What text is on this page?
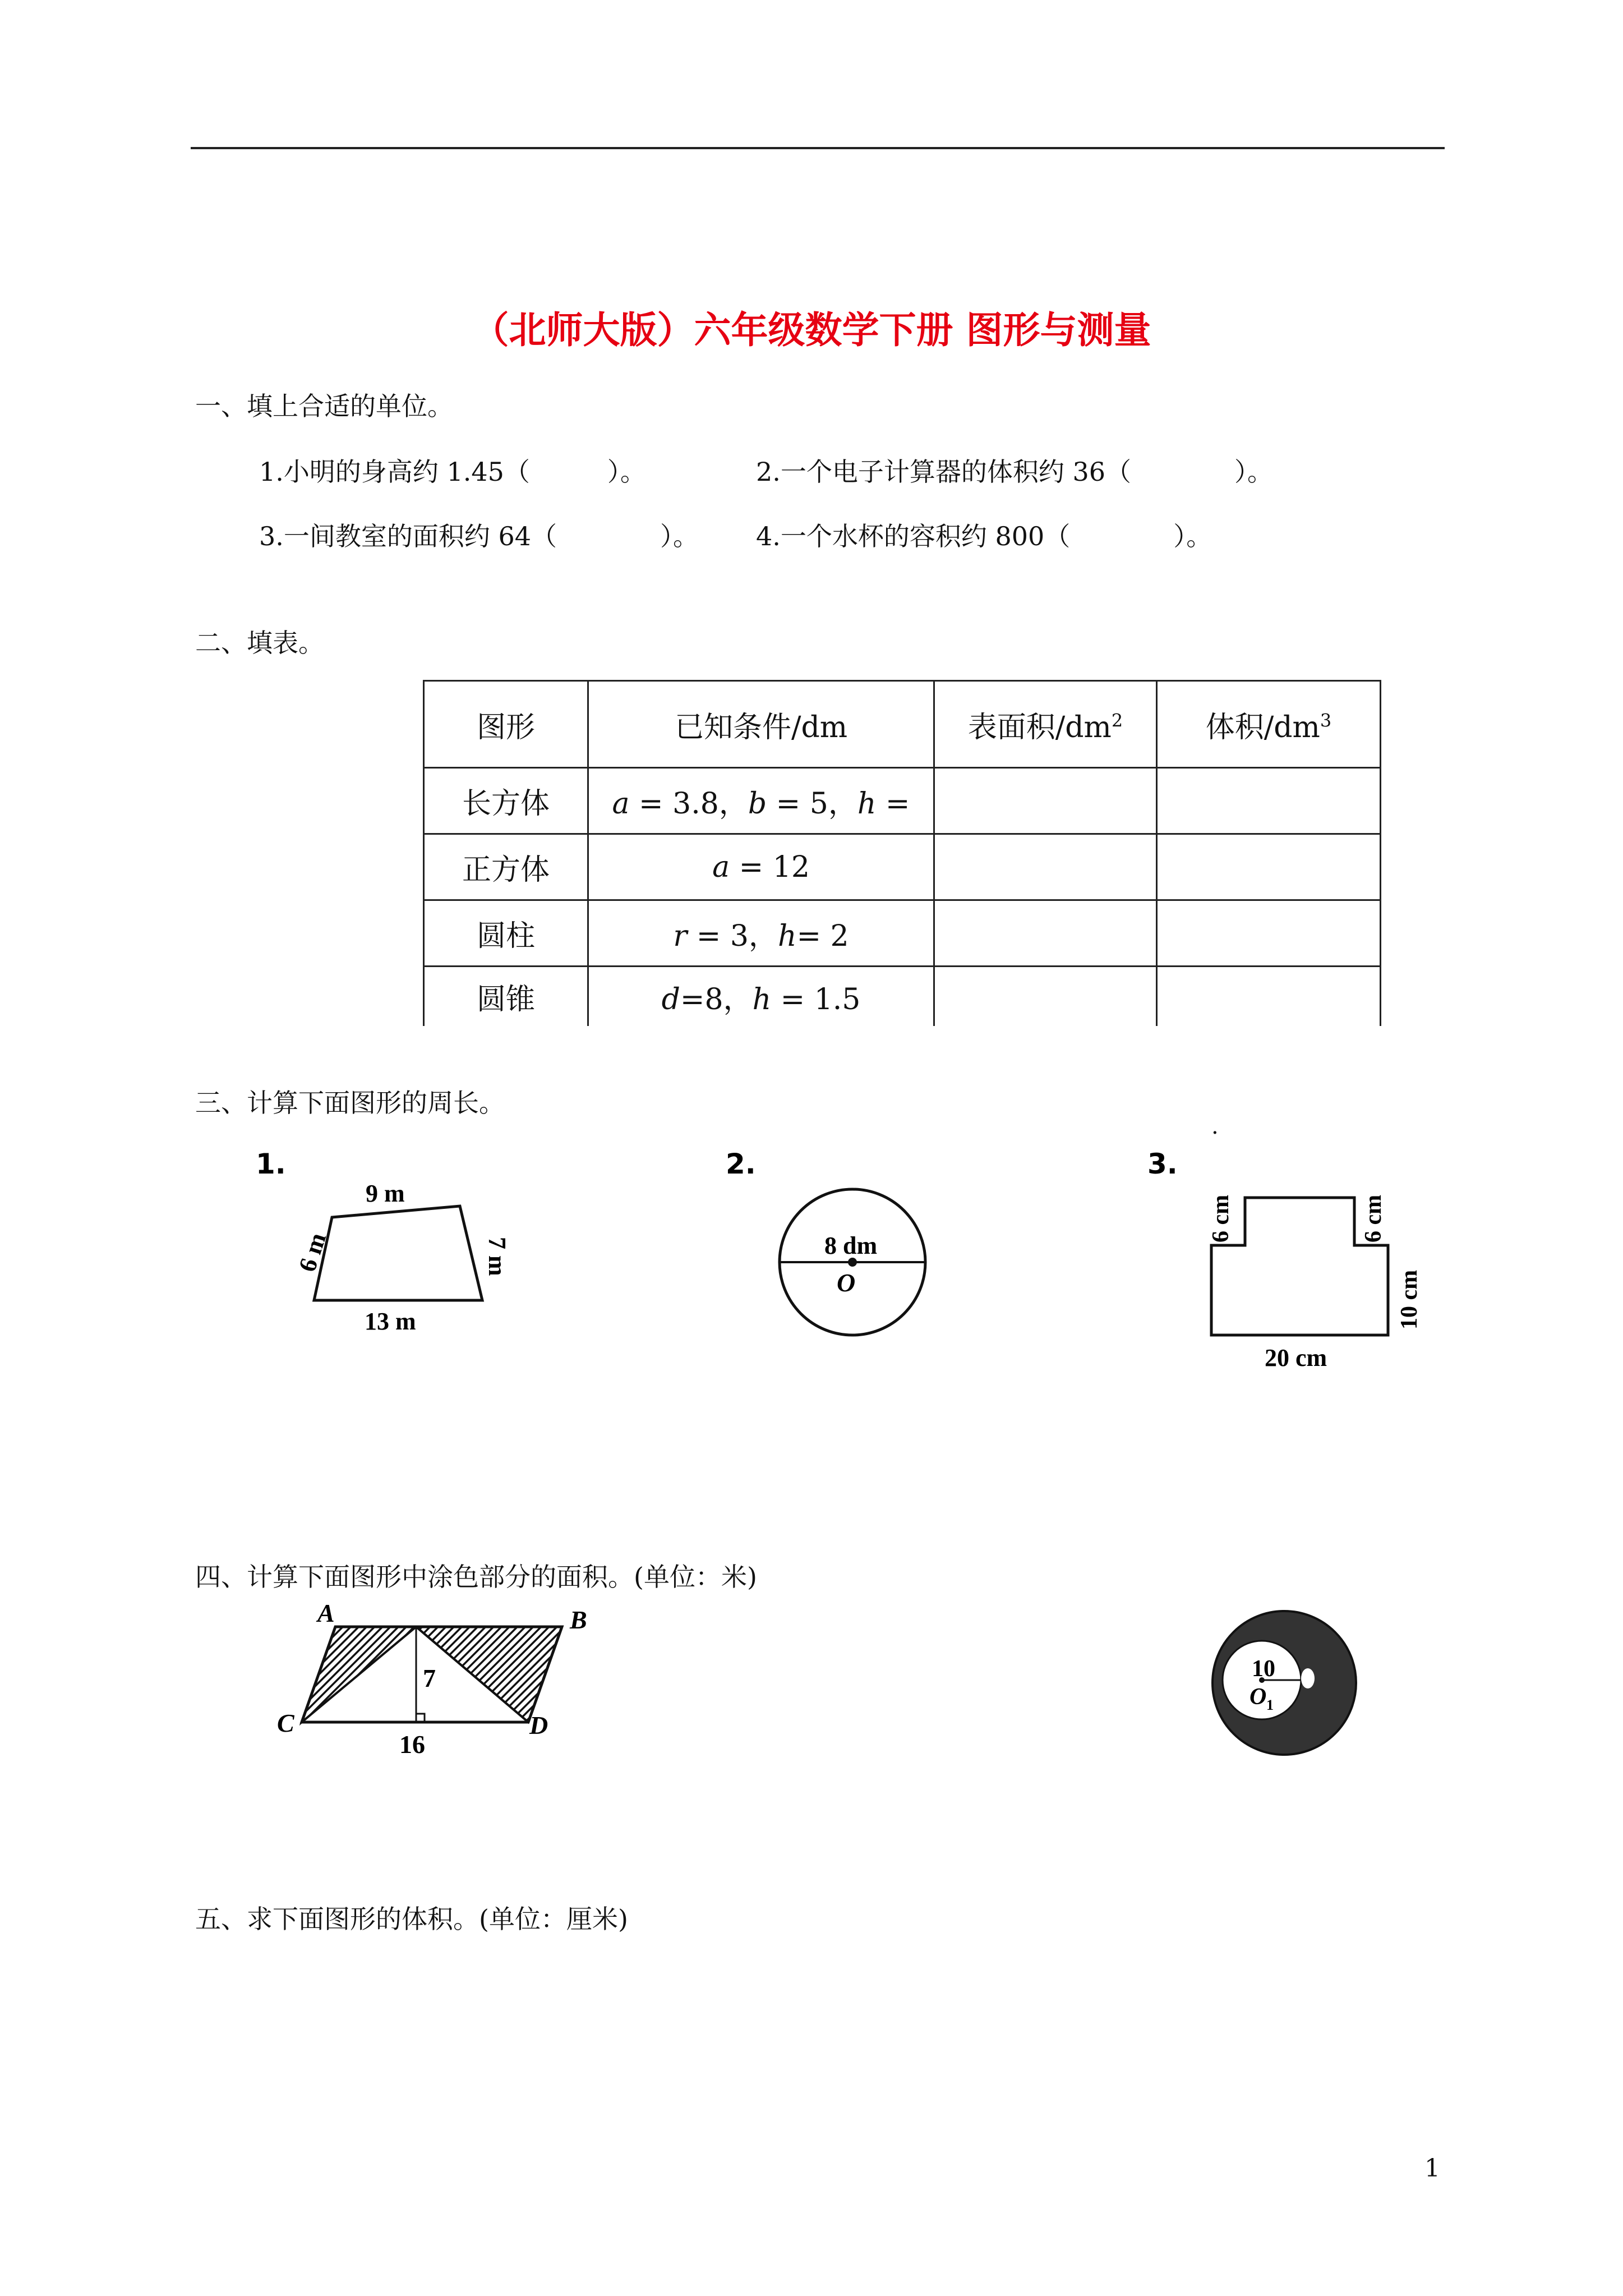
（北师大版）六年级数学下册 图形与测量
一、填上合适的单位。
1.小明的身高约 1.45（　　　）。	2.一个电子计算器的体积约 36（　　　　）。
3.一间教室的面积约 64（　　　　）。 4.一个水杯的容积约 800（　　　　）。
二、填表。
图形	已知条件/dm	表面积$/dm^2$	体积$/dm^3$
长方体	a = 3.8，b = 5，h =		
正方体	a = 12		
圆柱	r = 3，h= 2		
圆锥	d=8，h = 1.5		
三、计算下面图形的周长。
.
1.
9 m
6 m	7 m
13 m
2.
8 dm
O
3.
6 cm	6 cm
10 cm
20 cm
四、计算下面图形中涂色部分的面积。(单位：米)
A	B
C	D
7
16
10
O 1
五、求下面图形的体积。(单位：厘米)
1
